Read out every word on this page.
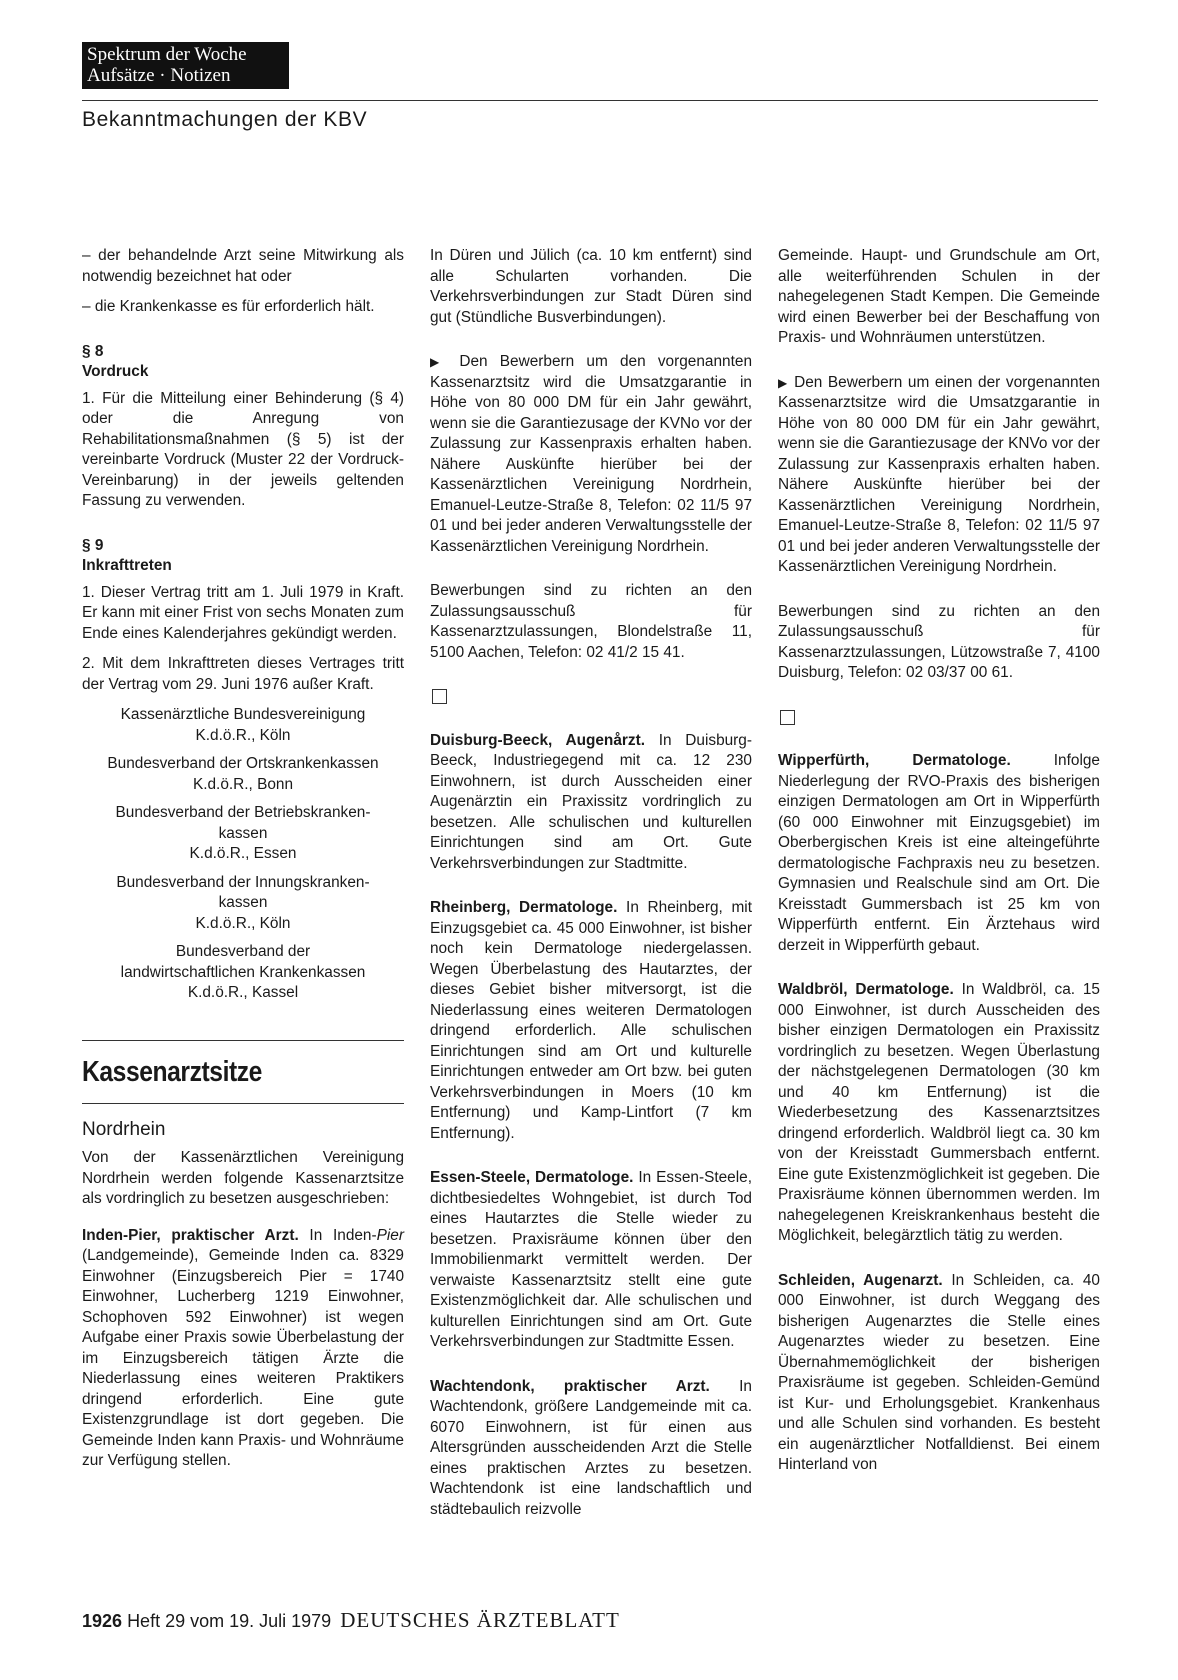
Spektrum der Woche
Aufsätze · Notizen
Bekanntmachungen der KBV

– der behandelnde Arzt seine Mitwirkung als notwendig bezeichnet hat oder

– die Krankenkasse es für erforderlich hält.

§ 8

Vordruck

1. Für die Mitteilung einer Behinderung (§ 4) oder die Anregung von Rehabilitationsmaßnahmen (§ 5) ist der vereinbarte Vordruck (Muster 22 der Vordruck-Vereinbarung) in der jeweils geltenden Fassung zu verwenden.

§ 9

Inkrafttreten

1. Dieser Vertrag tritt am 1. Juli 1979 in Kraft. Er kann mit einer Frist von sechs Monaten zum Ende eines Kalenderjahres gekündigt werden.

2. Mit dem Inkrafttreten dieses Vertrages tritt der Vertrag vom 29. Juni 1976 außer Kraft.

Kassenärztliche Bundesvereinigung
K.d.ö.R., Köln
Bundesverband der Ortskrankenkassen
K.d.ö.R., Bonn
Bundesverband der Betriebskranken-
kassen
K.d.ö.R., Essen
Bundesverband der Innungskranken-
kassen
K.d.ö.R., Köln
Bundesverband der
landwirtschaftlichen Krankenkassen
K.d.ö.R., Kassel
Kassenarztsitze
Nordrhein

Von der Kassenärztlichen Vereinigung Nordrhein werden folgende Kassenarztsitze als vordringlich zu besetzen ausgeschrieben:

Inden-Pier, praktischer Arzt. In Inden-Pier (Landgemeinde), Gemeinde Inden ca. 8329 Einwohner (Einzugsbereich Pier = 1740 Einwohner, Lucherberg 1219 Einwohner, Schophoven 592 Einwohner) ist wegen Aufgabe einer Praxis sowie Überbelastung der im Einzugsbereich tätigen Ärzte die Niederlassung eines weiteren Praktikers dringend erforderlich. Eine gute Existenzgrundlage ist dort gegeben. Die Gemeinde Inden kann Praxis- und Wohnräume zur Verfügung stellen.

In Düren und Jülich (ca. 10 km entfernt) sind alle Schularten vorhanden. Die Verkehrsverbindungen zur Stadt Düren sind gut (Stündliche Busverbindungen).

▶ Den Bewerbern um den vorgenannten Kassenarztsitz wird die Umsatzgarantie in Höhe von 80 000 DM für ein Jahr gewährt, wenn sie die Garantiezusage der KVNo vor der Zulassung zur Kassenpraxis erhalten haben. Nähere Auskünfte hierüber bei der Kassenärztlichen Vereinigung Nordrhein, Emanuel-Leutze-Straße 8, Telefon: 02 11/5 97 01 und bei jeder anderen Verwaltungsstelle der Kassenärztlichen Vereinigung Nordrhein.

Bewerbungen sind zu richten an den Zulassungsausschuß für Kassenarztzulassungen, Blondelstraße 11, 5100 Aachen, Telefon: 02 41/2 15 41.

Duisburg-Beeck, Augenårzt. In Duisburg-Beeck, Industriegegend mit ca. 12 230 Einwohnern, ist durch Ausscheiden einer Augenärztin ein Praxissitz vordringlich zu besetzen. Alle schulischen und kulturellen Einrichtungen sind am Ort. Gute Verkehrsverbindungen zur Stadtmitte.

Rheinberg, Dermatologe. In Rheinberg, mit Einzugsgebiet ca. 45 000 Einwohner, ist bisher noch kein Dermatologe niedergelassen. Wegen Überbelastung des Hautarztes, der dieses Gebiet bisher mitversorgt, ist die Niederlassung eines weiteren Dermatologen dringend erforderlich. Alle schulischen Einrichtungen sind am Ort und kulturelle Einrichtungen entweder am Ort bzw. bei guten Verkehrsverbindungen in Moers (10 km Entfernung) und Kamp-Lintfort (7 km Entfernung).

Essen-Steele, Dermatologe. In Essen-Steele, dichtbesiedeltes Wohngebiet, ist durch Tod eines Hautarztes die Stelle wieder zu besetzen. Praxisräume können über den Immobilienmarkt vermittelt werden. Der verwaiste Kassenarztsitz stellt eine gute Existenzmöglichkeit dar. Alle schulischen und kulturellen Einrichtungen sind am Ort. Gute Verkehrsverbindungen zur Stadtmitte Essen.

Wachtendonk, praktischer Arzt. In Wachtendonk, größere Landgemeinde mit ca. 6070 Einwohnern, ist für einen aus Altersgründen ausscheidenden Arzt die Stelle eines praktischen Arztes zu besetzen. Wachtendonk ist eine landschaftlich und städtebaulich reizvolle

Gemeinde. Haupt- und Grundschule am Ort, alle weiterführenden Schulen in der nahegelegenen Stadt Kempen. Die Gemeinde wird einen Bewerber bei der Beschaffung von Praxis- und Wohnräumen unterstützen.

▶ Den Bewerbern um einen der vorgenannten Kassenarztsitze wird die Umsatzgarantie in Höhe von 80 000 DM für ein Jahr gewährt, wenn sie die Garantiezusage der KNVo vor der Zulassung zur Kassenpraxis erhalten haben. Nähere Auskünfte hierüber bei der Kassenärztlichen Vereinigung Nordrhein, Emanuel-Leutze-Straße 8, Telefon: 02 11/5 97 01 und bei jeder anderen Verwaltungsstelle der Kassenärztlichen Vereinigung Nordrhein.

Bewerbungen sind zu richten an den Zulassungsausschuß für Kassenarztzulassungen, Lützowstraße 7, 4100 Duisburg, Telefon: 02 03/37 00 61.

Wipperfürth, Dermatologe. Infolge Niederlegung der RVO-Praxis des bisherigen einzigen Dermatologen am Ort in Wipperfürth (60 000 Einwohner mit Einzugsgebiet) im Oberbergischen Kreis ist eine alteingeführte dermatologische Fachpraxis neu zu besetzen. Gymnasien und Realschule sind am Ort. Die Kreisstadt Gummersbach ist 25 km von Wipperfürth entfernt. Ein Ärztehaus wird derzeit in Wipperfürth gebaut.

Waldbröl, Dermatologe. In Waldbröl, ca. 15 000 Einwohner, ist durch Ausscheiden des bisher einzigen Dermatologen ein Praxissitz vordringlich zu besetzen. Wegen Überlastung der nächstgelegenen Dermatologen (30 km und 40 km Entfernung) ist die Wiederbesetzung des Kassenarztsitzes dringend erforderlich. Waldbröl liegt ca. 30 km von der Kreisstadt Gummersbach entfernt. Eine gute Existenzmöglichkeit ist gegeben. Die Praxisräume können übernommen werden. Im nahegelegenen Kreiskrankenhaus besteht die Möglichkeit, belegärztlich tätig zu werden.

Schleiden, Augenarzt. In Schleiden, ca. 40 000 Einwohner, ist durch Weggang des bisherigen Augenarztes die Stelle eines Augenarztes wieder zu besetzen. Eine Übernahmemöglichkeit der bisherigen Praxisräume ist gegeben. Schleiden-Gemünd ist Kur- und Erholungsgebiet. Krankenhaus und alle Schulen sind vorhanden. Es besteht ein augenärztlicher Notfalldienst. Bei einem Hinterland von

1926 Heft 29 vom 19. Juli 1979 DEUTSCHES ÄRZTEBLATT
